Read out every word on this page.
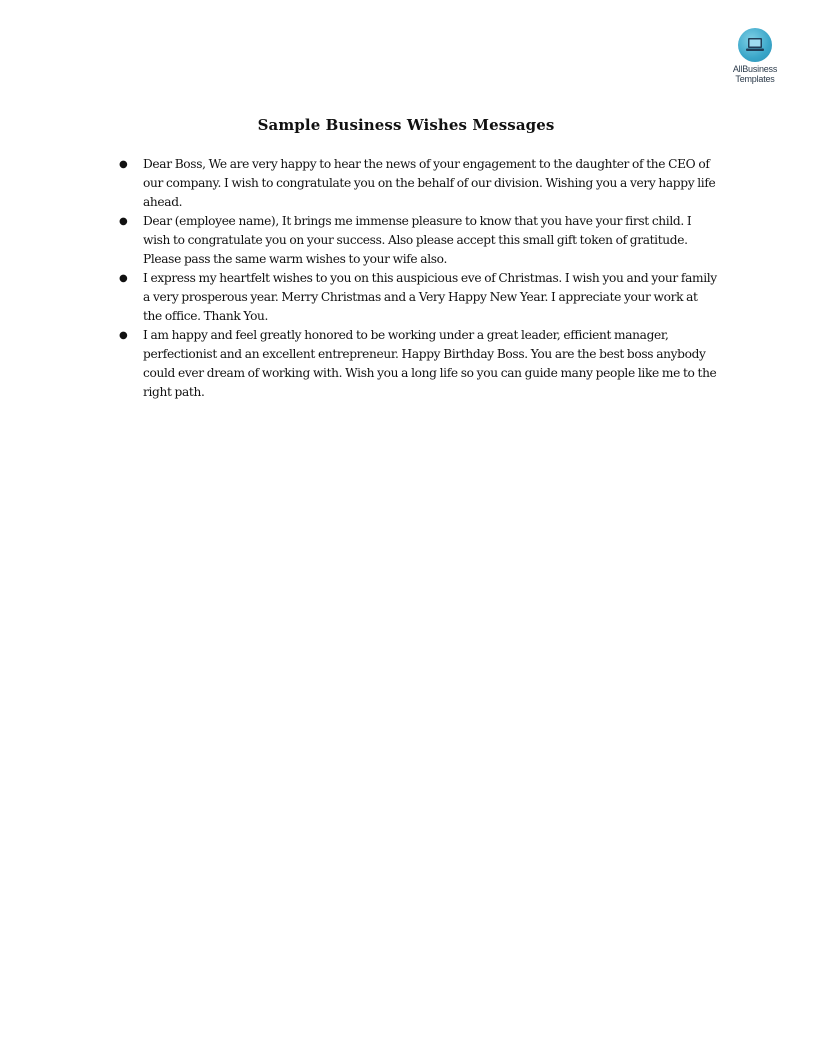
AllBusiness
Templates
Sample Business Wishes Messages
● Dear Boss, We are very happy to hear the news of your engagement to the daughter of the CEO of our company. I wish to congratulate you on the behalf of our division. Wishing you a very happy life ahead.
● Dear (employee name), It brings me immense pleasure to know that you have your first child. I wish to congratulate you on your success. Also please accept this small gift token of gratitude. Please pass the same warm wishes to your wife also.
● I express my heartfelt wishes to you on this auspicious eve of Christmas. I wish you and your family a very prosperous year. Merry Christmas and a Very Happy New Year. I appreciate your work at the office. Thank You.
● I am happy and feel greatly honored to be working under a great leader, efficient manager, perfectionist and an excellent entrepreneur. Happy Birthday Boss. You are the best boss anybody could ever dream of working with. Wish you a long life so you can guide many people like me to the right path.
